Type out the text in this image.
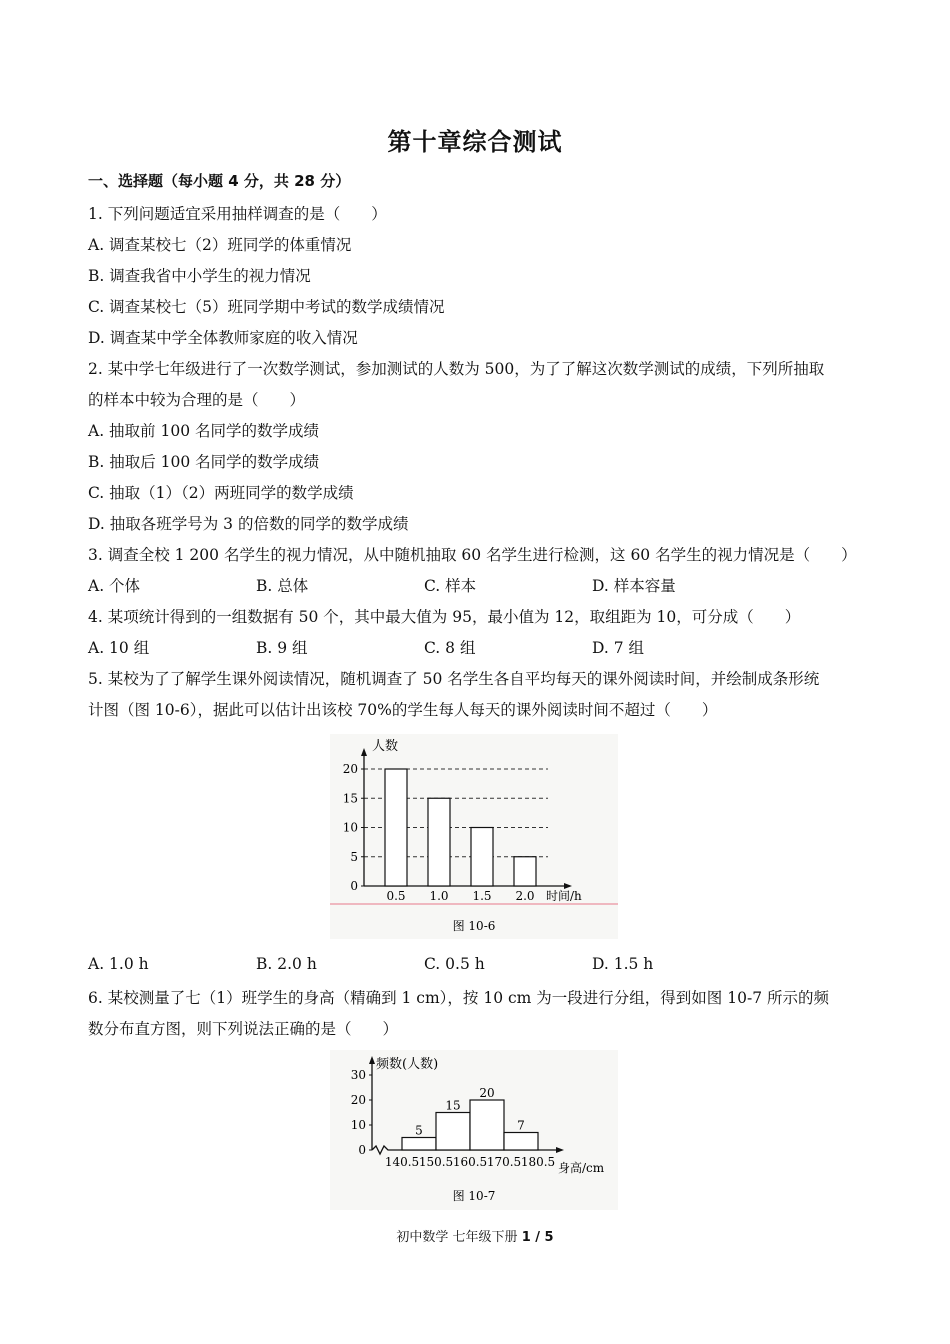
第十章综合测试
一、选择题（每小题 4 分，共 28 分）
1. 下列问题适宜采用抽样调查的是（　　）
A. 调查某校七（2）班同学的体重情况
B. 调查我省中小学生的视力情况
C. 调查某校七（5）班同学期中考试的数学成绩情况
D. 调查某中学全体教师家庭的收入情况
2. 某中学七年级进行了一次数学测试，参加测试的人数为 500，为了了解这次数学测试的成绩，下列所抽取
的样本中较为合理的是（　　）
A. 抽取前 100 名同学的数学成绩
B. 抽取后 100 名同学的数学成绩
C. 抽取（1）（2）两班同学的数学成绩
D. 抽取各班学号为 3 的倍数的同学的数学成绩
3. 调查全校 1 200 名学生的视力情况，从中随机抽取 60 名学生进行检测，这 60 名学生的视力情况是（　　）
A. 个体	B. 总体	C. 样本	D. 样本容量
4. 某项统计得到的一组数据有 50 个，其中最大值为 95，最小值为 12，取组距为 10，可分成（　　）
A. 10 组	B. 9 组	C. 8 组	D. 7 组
5. 某校为了了解学生课外阅读情况，随机调查了 50 名学生各自平均每天的课外阅读时间，并绘制成条形统
计图（图 10-6），据此可以估计出该校 70%的学生每人每天的课外阅读时间不超过（　　）
0
5
10
15
20
人数
时间/h
0.5 1.0 1.5 2.0
图 10-6
A. 1.0 h	B. 2.0 h	C. 0.5 h	D. 1.5 h
6. 某校测量了七（1）班学生的身高（精确到 1 cm），按 10 cm 为一段进行分组，得到如图 10-7 所示的频
数分布直方图，则下列说法正确的是（　　）
0
10
20
30
频数(人数)
身高/cm
140.5 150.5 160.5 170.5 180.5
5
15
20
7
图 10-7
初中数学 七年级下册 1 / 5
